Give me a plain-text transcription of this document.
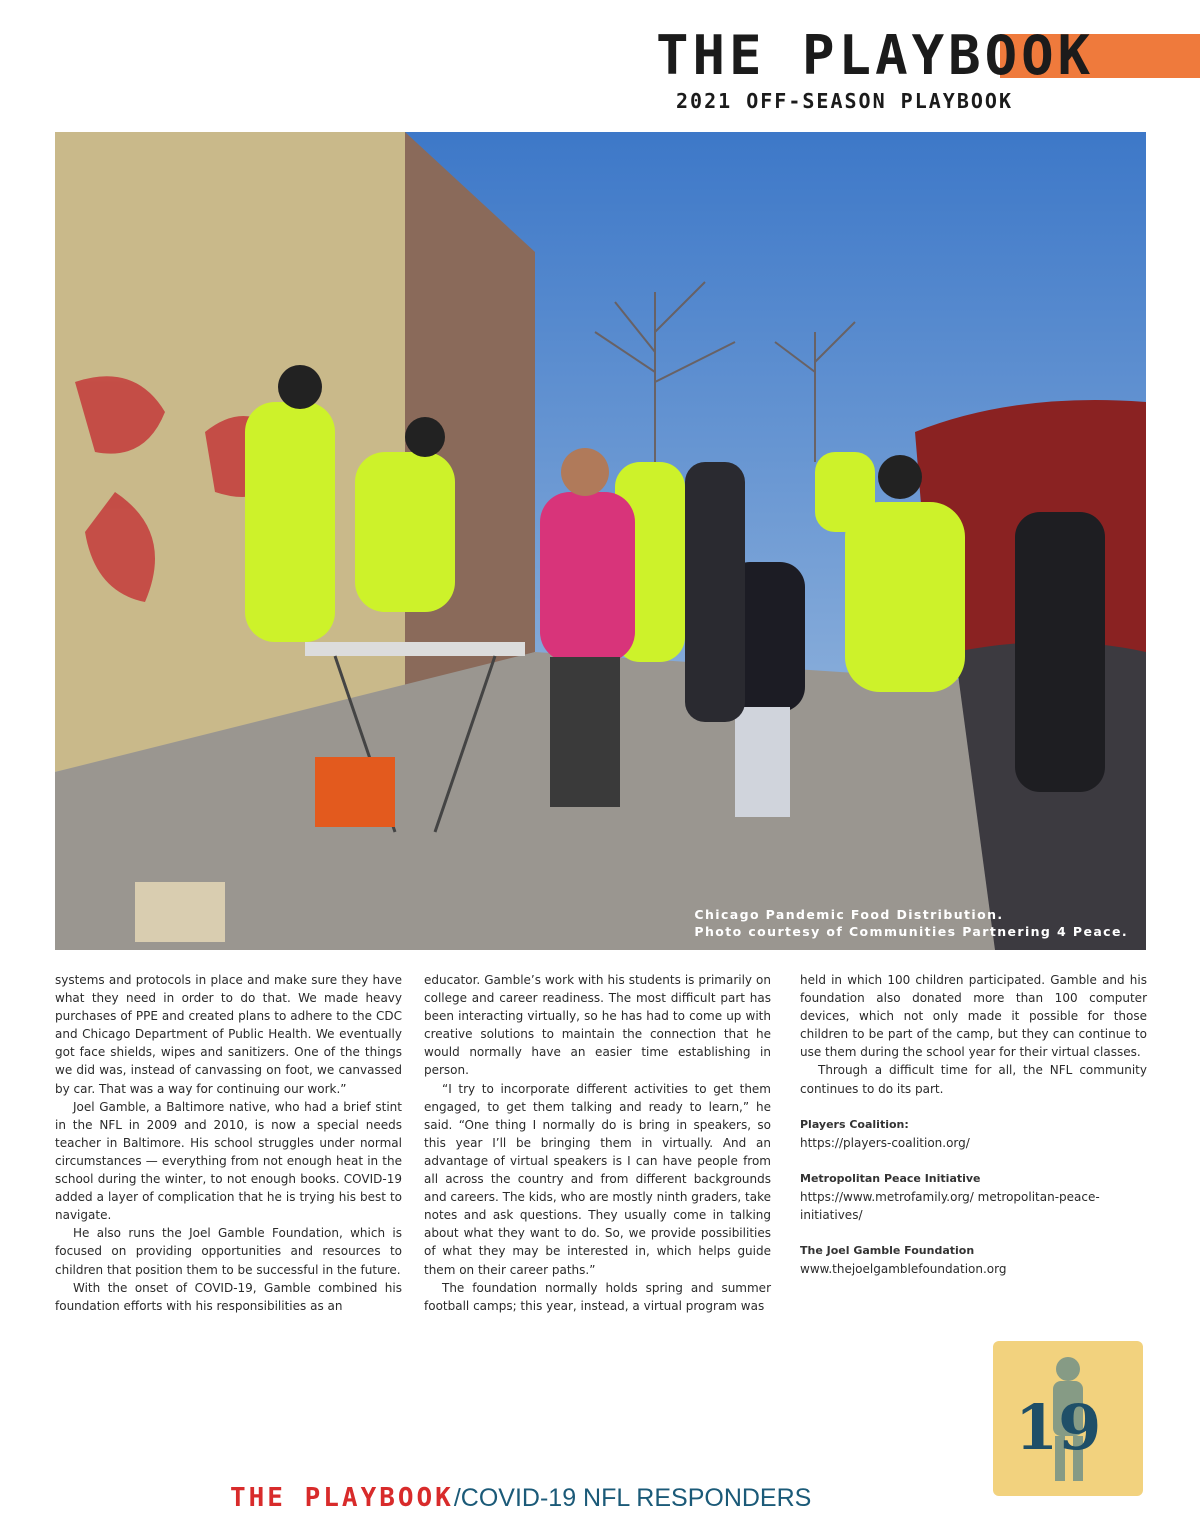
THE PLAYBOOK
2021 OFF-SEASON PLAYBOOK
Chicago Pandemic Food Distribution.
Photo courtesy of Communities Partnering 4 Peace.

systems and protocols in place and make sure they have what they need in order to do that. We made heavy purchases of PPE and created plans to adhere to the CDC and Chicago Department of Public Health. We eventually got face shields, wipes and sanitizers. One of the things we did was, instead of canvassing on foot, we canvassed by car. That was a way for continuing our work.”

Joel Gamble, a Baltimore native, who had a brief stint in the NFL in 2009 and 2010, is now a special needs teacher in Baltimore. His school struggles under normal circumstances — everything from not enough heat in the school during the winter, to not enough books. COVID-19 added a layer of complication that he is trying his best to navigate.

He also runs the Joel Gamble Foundation, which is focused on providing opportunities and resources to children that position them to be successful in the future.

With the onset of COVID-19, Gamble combined his foundation efforts with his responsibilities as an

educator. Gamble’s work with his students is primarily on college and career readiness. The most difficult part has been interacting virtually, so he has had to come up with creative solutions to maintain the connection that he would normally have an easier time establishing in person.

“I try to incorporate different activities to get them engaged, to get them talking and ready to learn,” he said. “One thing I normally do is bring in speakers, so this year I’ll be bringing them in virtually. And an advantage of virtual speakers is I can have people from all across the country and from different backgrounds and careers. The kids, who are mostly ninth graders, take notes and ask questions. They usually come in talking about what they want to do. So, we provide possibilities of what they may be interested in, which helps guide them on their career paths.”

The foundation normally holds spring and summer football camps; this year, instead, a virtual program was

held in which 100 children participated. Gamble and his foundation also donated more than 100 computer devices, which not only made it possible for those children to be part of the camp, but they can continue to use them during the school year for their virtual classes.

Through a difficult time for all, the NFL community continues to do its part.

Players Coalition:
https://players-coalition.org/
Metropolitan Peace Initiative
https://www.metrofamily.org/ metropolitan-peace-initiatives/
The Joel Gamble Foundation
www.thejoelgamblefoundation.org
19
THE PLAYBOOK/COVID-19 NFL RESPONDERS
